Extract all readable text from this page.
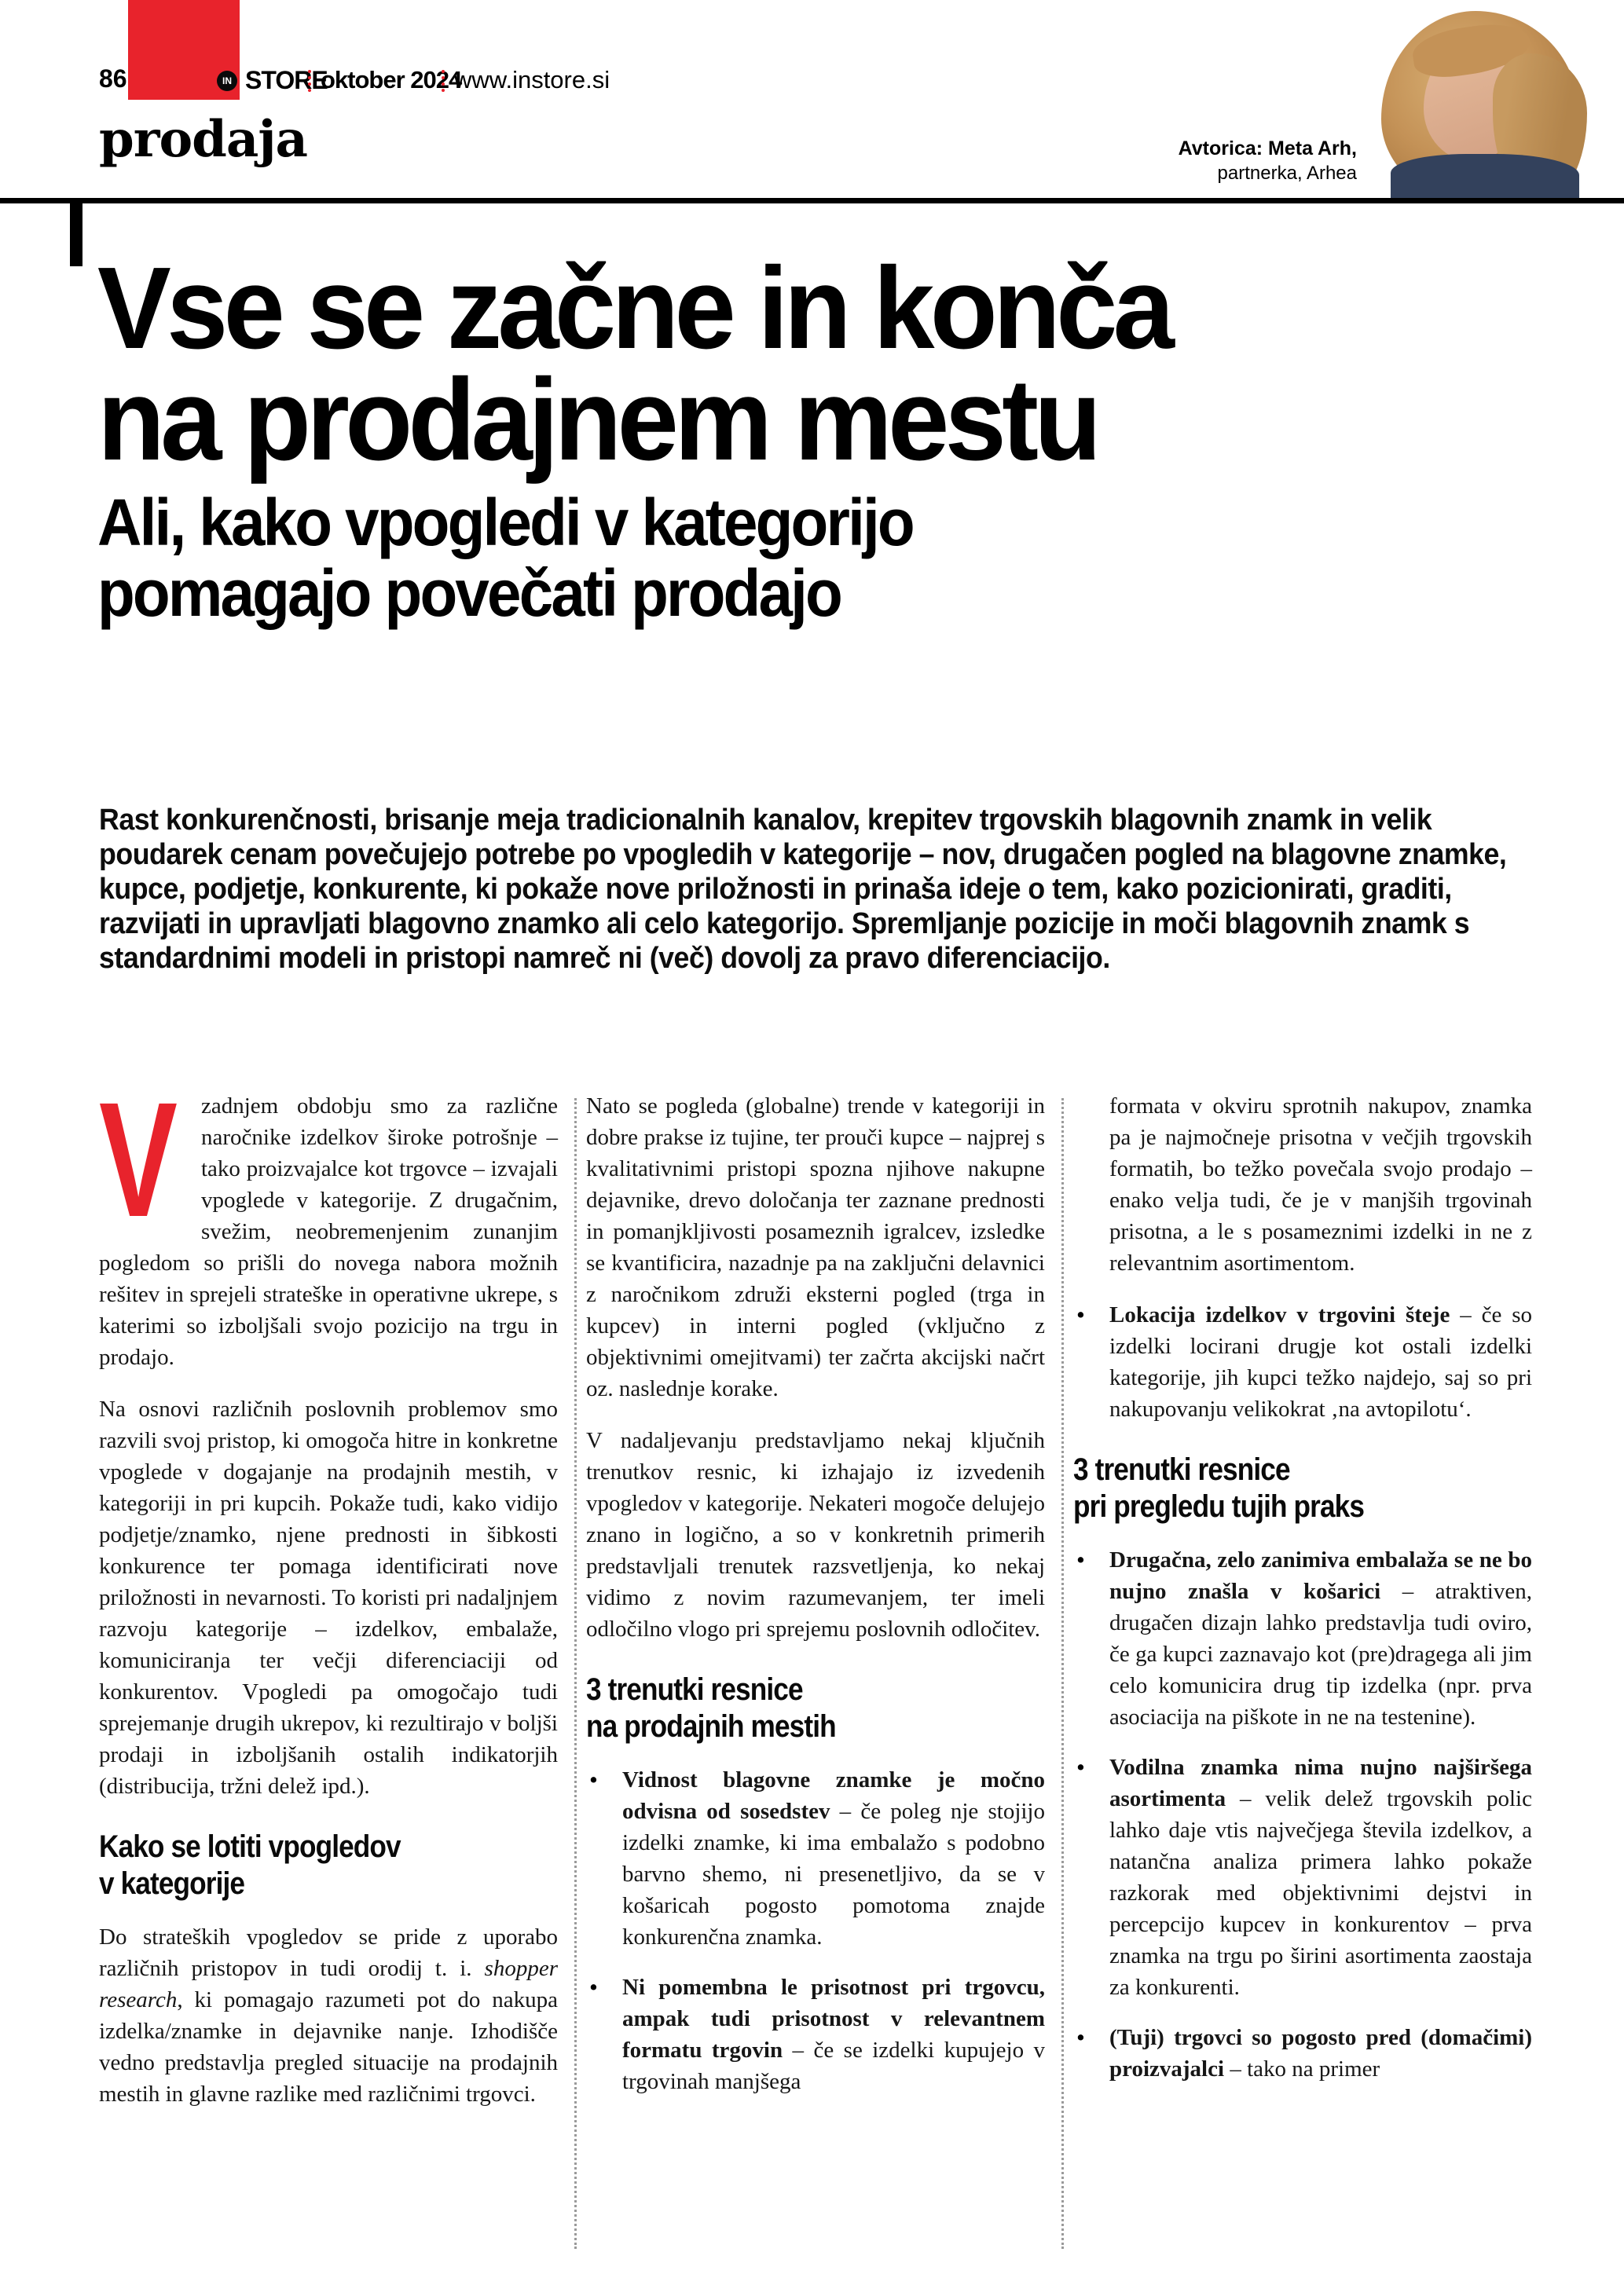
86	IN STORE
oktober 2024
www.instore.si
prodaja	Avtorica: Meta Arh,
partnerka, Arhea
Vse se začne in konča
na prodajnem mestu
Ali, kako vpogledi v kategorijo
pomagajo povečati prodajo
Rast konkurenčnosti, brisanje meja tradicionalnih kanalov, krepitev trgovskih blagovnih znamk in velik poudarek cenam povečujejo potrebe po vpogledih v kategorije – nov, drugačen pogled na blagovne znamke, kupce, podjetje, konkurente, ki pokaže nove priložnosti in prinaša ideje o tem, kako pozicionirati, graditi, razvijati in upravljati blagovno znamko ali celo kategorijo. Spremljanje pozicije in moči blagovnih znamk s standardnimi modeli in pristopi namreč ni (več) dovolj za pravo diferenciacijo.

V zadnjem obdobju smo za različne naročnike izdelkov široke potrošnje – tako proizvajalce kot trgovce – izvajali vpoglede v kategorije. Z drugačnim, svežim, neobremenjenim zunanjim pogledom so prišli do novega nabora možnih rešitev in sprejeli strateške in operativne ukrepe, s katerimi so izboljšali svojo pozicijo na trgu in prodajo.

Na osnovi različnih poslovnih problemov smo razvili svoj pristop, ki omogoča hitre in konkretne vpoglede v dogajanje na prodajnih mestih, v kategoriji in pri kupcih. Pokaže tudi, kako vidijo podjetje/znamko, njene prednosti in šibkosti konkurence ter pomaga identificirati nove priložnosti in nevarnosti. To koristi pri nadaljnjem razvoju kategorije – izdelkov, embalaže, komuniciranja ter večji diferenciaciji od konkurentov. Vpogledi pa omogočajo tudi sprejemanje drugih ukrepov, ki rezultirajo v boljši prodaji in izboljšanih ostalih indikatorjih (distribucija, tržni delež ipd.).

Kako se lotiti vpogledov
v kategorije

Do strateških vpogledov se pride z uporabo različnih pristopov in tudi orodij t. i. shopper research, ki pomagajo razumeti pot do nakupa izdelka/znamke in dejavnike nanje. Izhodišče vedno predstavlja pregled situacije na prodajnih mestih in glavne razlike med različnimi trgovci.

Nato se pogleda (globalne) trende v kategoriji in dobre prakse iz tujine, ter prouči kupce – najprej s kvalitativnimi pristopi spozna njihove nakupne dejavnike, drevo določanja ter zaznane prednosti in pomanjkljivosti posameznih igralcev, izsledke se kvantificira, nazadnje pa na zaključni delavnici z naročnikom združi eksterni pogled (trga in kupcev) in interni pogled (vključno z objektivnimi omejitvami) ter začrta akcijski načrt oz. naslednje korake.

V nadaljevanju predstavljamo nekaj ključnih trenutkov resnic, ki izhajajo iz izvedenih vpogledov v kategorije. Nekateri mogoče delujejo znano in logično, a so v konkretnih primerih predstavljali trenutek razsvetljenja, ko nekaj vidimo z novim razumevanjem, ter imeli odločilno vlogo pri sprejemu poslovnih odločitev.

3 trenutki resnice
na prodajnih mestih
• Vidnost blagovne znamke je močno odvisna od sosedstev – če poleg nje stojijo izdelki znamke, ki ima embalažo s podobno barvno shemo, ni presenetljivo, da se v košaricah pogosto pomotoma znajde konkurenčna znamka.
• Ni pomembna le prisotnost pri trgovcu, ampak tudi prisotnost v relevantnem formatu trgovin – če se izdelki kupujejo v trgovinah manjšega

formata v okviru sprotnih nakupov, znamka pa je najmočneje prisotna v večjih trgovskih formatih, bo težko povečala svojo prodajo – enako velja tudi, če je v manjših trgovinah prisotna, a le s posameznimi izdelki in ne z relevantnim asortimentom.

• Lokacija izdelkov v trgovini šteje – če so izdelki locirani drugje kot ostali izdelki kategorije, jih kupci težko najdejo, saj so pri nakupovanju velikokrat ‚na avtopilotu‘.
3 trenutki resnice
pri pregledu tujih praks
• Drugačna, zelo zanimiva embalaža se ne bo nujno znašla v košarici – atraktiven, drugačen dizajn lahko predstavlja tudi oviro, če ga kupci zaznavajo kot (pre)dragega ali jim celo komunicira drug tip izdelka (npr. prva asociacija na piškote in ne na testenine).
• Vodilna znamka nima nujno najširšega asortimenta – velik delež trgovskih polic lahko daje vtis največjega števila izdelkov, a natančna analiza primera lahko pokaže razkorak med objektivnimi dejstvi in percepcijo kupcev in konkurentov – prva znamka na trgu po širini asortimenta zaostaja za konkurenti.
• (Tuji) trgovci so pogosto pred (domačimi) proizvajalci – tako na primer
